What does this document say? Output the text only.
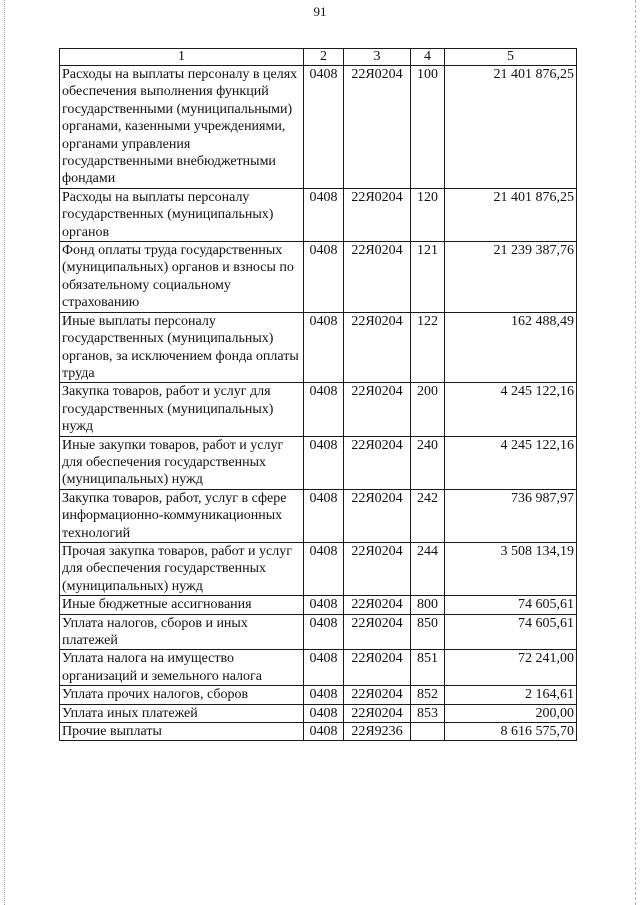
91
1	2	3	4	5
Расходы на выплаты персоналу в целях обеспечения выполнения функций государственными (муниципальными) органами, казенными учреждениями, органами управления государственными внебюджетными фондами	0408	22Я0204	100	21 401 876,25
Расходы на выплаты персоналу государственных (муниципальных) органов	0408	22Я0204	120	21 401 876,25
Фонд оплаты труда государственных (муниципальных) органов и взносы по обязательному социальному страхованию	0408	22Я0204	121	21 239 387,76
Иные выплаты персоналу государственных (муниципальных) органов, за исключением фонда оплаты труда	0408	22Я0204	122	162 488,49
Закупка товаров, работ и услуг для государственных (муниципальных) нужд	0408	22Я0204	200	4 245 122,16
Иные закупки товаров, работ и услуг для обеспечения государственных (муниципальных) нужд	0408	22Я0204	240	4 245 122,16
Закупка товаров, работ, услуг в сфере информационно-коммуникационных технологий	0408	22Я0204	242	736 987,97
Прочая закупка товаров, работ и услуг для обеспечения государственных (муниципальных) нужд	0408	22Я0204	244	3 508 134,19
Иные бюджетные ассигнования	0408	22Я0204	800	74 605,61
Уплата налогов, сборов и иных платежей	0408	22Я0204	850	74 605,61
Уплата налога на имущество организаций и земельного налога	0408	22Я0204	851	72 241,00
Уплата прочих налогов, сборов	0408	22Я0204	852	2 164,61
Уплата иных платежей	0408	22Я0204	853	200,00
Прочие выплаты	0408	22Я9236		8 616 575,70
